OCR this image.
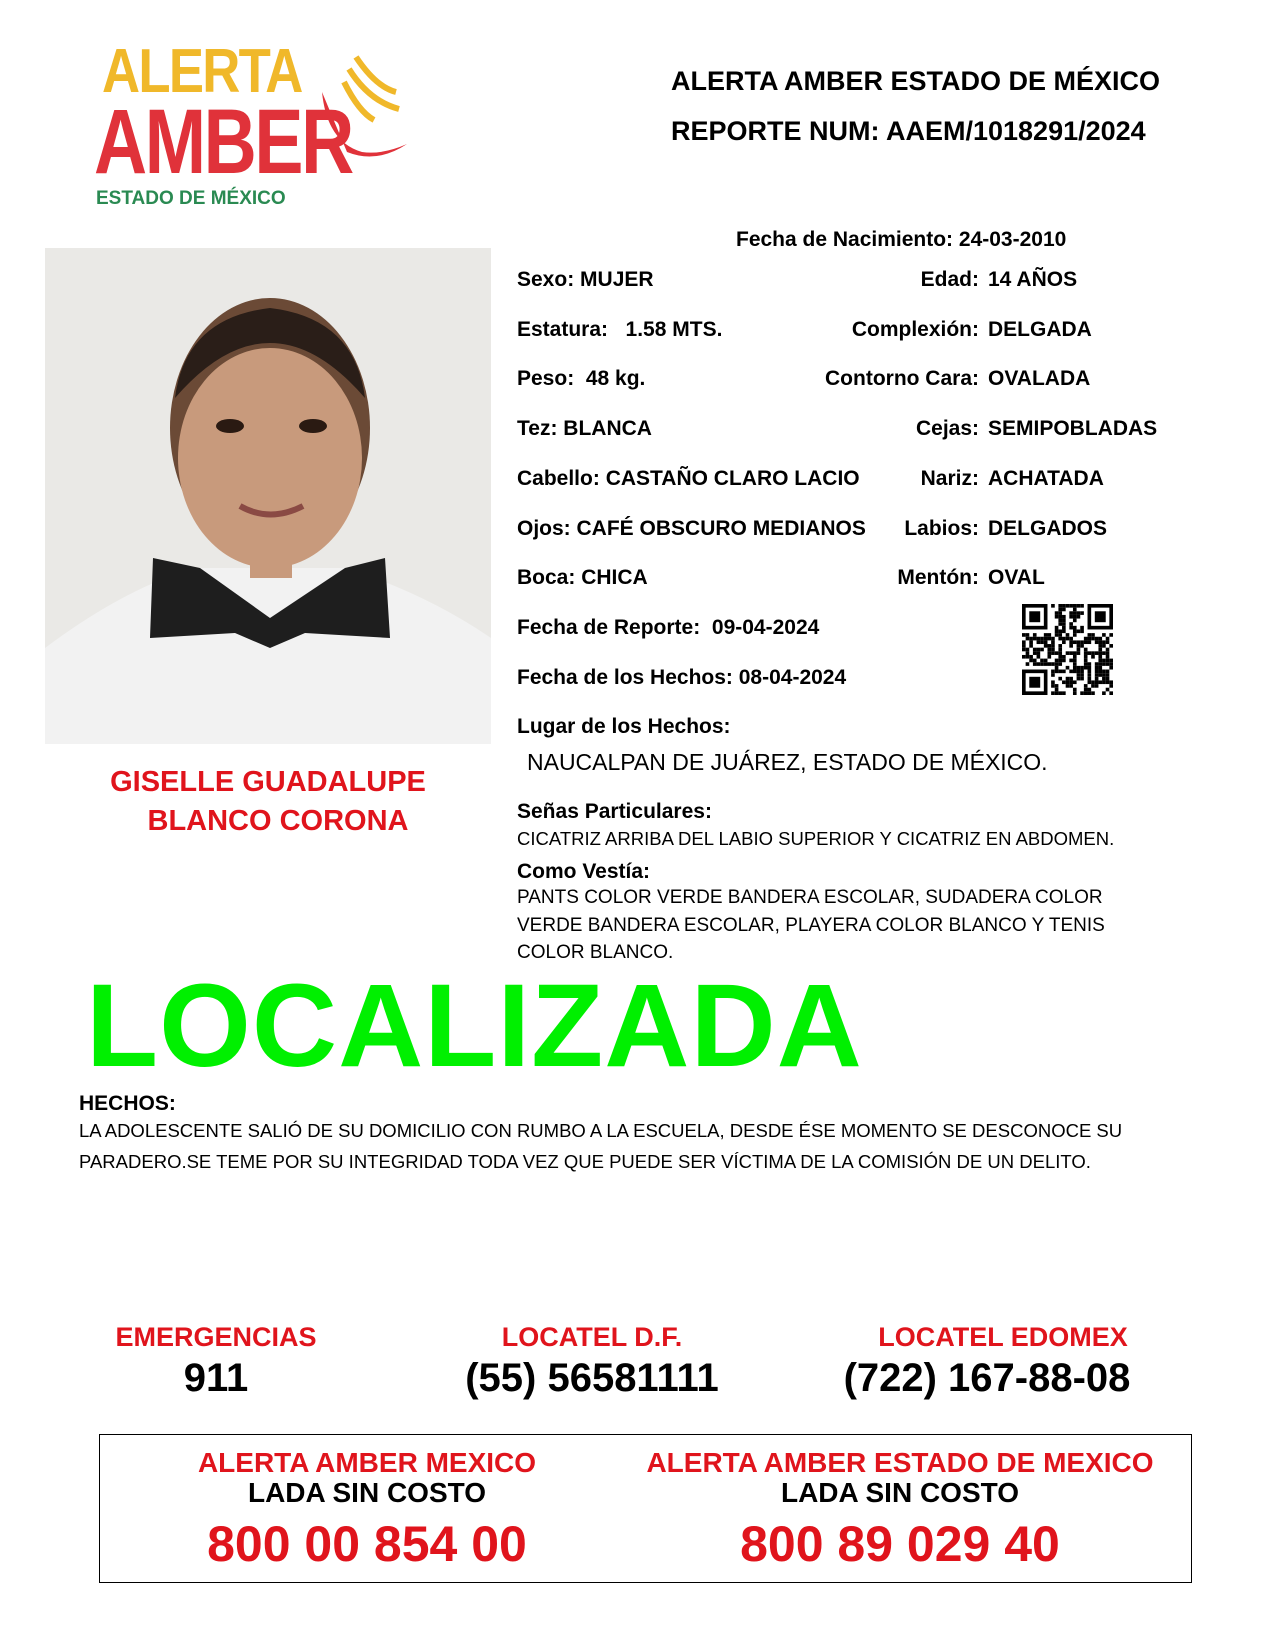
ALERTA
AMBER
ESTADO DE MÉXICO
ALERTA AMBER ESTADO DE MÉXICO
REPORTE NUM: AAEM/1018291/2024
GISELLE GUADALUPE
BLANCO CORONA
Fecha de Nacimiento: 24-03-2010
Sexo: MUJER	Edad: 14 AÑOS
Estatura: 1.58 MTS.	Complexión: DELGADA
Peso: 48 kg.	Contorno Cara: OVALADA
Tez: BLANCA	Cejas: SEMIPOBLADAS
Cabello: CASTAÑO CLARO LACIO	Nariz: ACHATADA
Ojos: CAFÉ OBSCURO MEDIANOS Labios: DELGADOS
Boca: CHICA	Mentón: OVAL
Fecha de Reporte: 09-04-2024
Fecha de los Hechos: 08-04-2024
Lugar de los Hechos:
NAUCALPAN DE JUÁREZ, ESTADO DE MÉXICO.
Señas Particulares:
CICATRIZ ARRIBA DEL LABIO SUPERIOR Y CICATRIZ EN ABDOMEN.
Como Vestía:
PANTS COLOR VERDE BANDERA ESCOLAR, SUDADERA COLOR
VERDE BANDERA ESCOLAR, PLAYERA COLOR BLANCO Y TENIS
COLOR BLANCO.
LOCALIZADA
HECHOS:
LA ADOLESCENTE SALIÓ DE SU DOMICILIO CON RUMBO A LA ESCUELA, DESDE ÉSE MOMENTO SE DESCONOCE SU
PARADERO.SE TEME POR SU INTEGRIDAD TODA VEZ QUE PUEDE SER VÍCTIMA DE LA COMISIÓN DE UN DELITO.
EMERGENCIAS
911
LOCATEL D.F.
(55) 56581111
LOCATEL EDOMEX
(722) 167-88-08
ALERTA AMBER MEXICO
LADA SIN COSTO
800 00 854 00
ALERTA AMBER ESTADO DE MEXICO
LADA SIN COSTO
800 89 029 40
